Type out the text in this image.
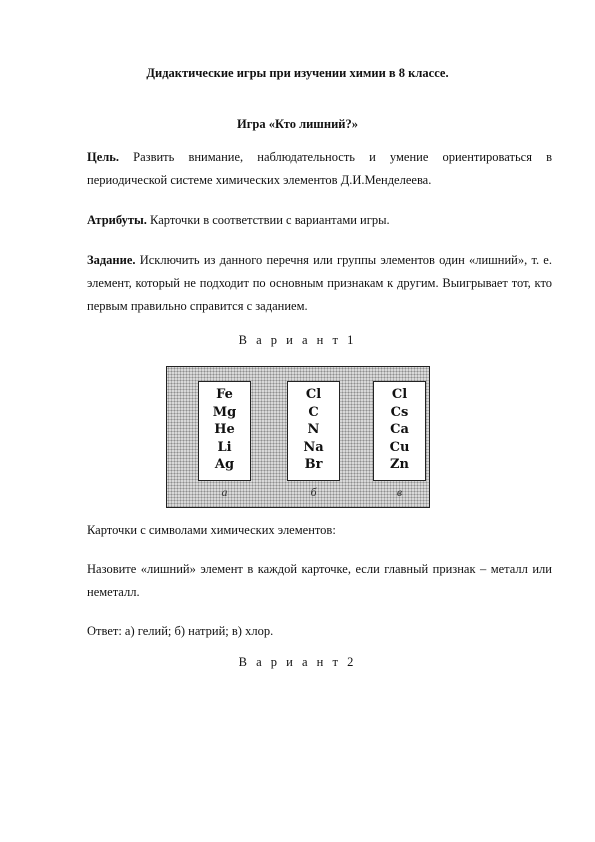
Дидактические игры при изучении химии в 8 классе.
Игра «Кто лишний?»
Цель. Развить внимание, наблюдательность и умение ориентироваться в периодической системе химических элементов Д.И.Менделеева.
Атрибуты. Карточки в соответствии с вариантами игры.
Задание. Исключить из данного перечня или группы элементов один «лишний», т. е. элемент, который не подходит по основным признакам к другим. Выигрывает тот, кто первым правильно справится с заданием.
В а р и а н т 1
Fe
Mg
He
Li
Ag
а
Cl
C
N
Na
Br
б
Cl
Cs
Ca
Cu
Zn
в
Карточки с символами химических элементов:
Назовите «лишний» элемент в каждой карточке, если главный признак – металл или неметалл.
Ответ: а) гелий; б) натрий; в) хлор.
В а р и а н т 2
